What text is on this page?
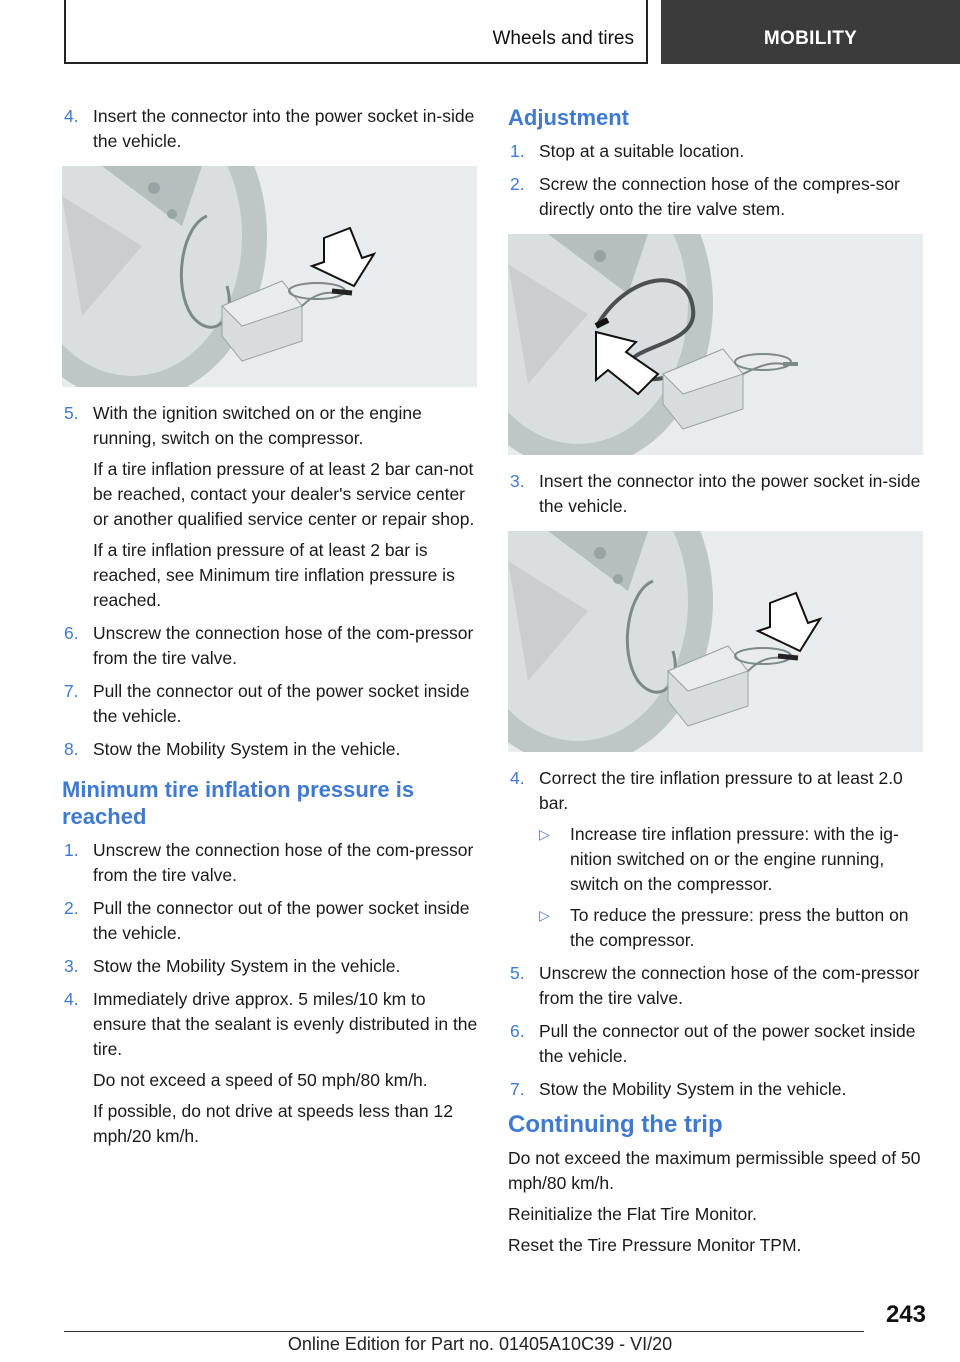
Wheels and tires	MOBILITY
4. Insert the connector into the power socket in‐side the vehicle.
5. With the ignition switched on or the engine running, switch on the compressor.
If a tire inflation pressure of at least 2 bar can‐not be reached, contact your dealer's service center or another qualified service center or repair shop.
If a tire inflation pressure of at least 2 bar is reached, see Minimum tire inflation pressure is reached.
6. Unscrew the connection hose of the com‐pressor from the tire valve.
7. Pull the connector out of the power socket inside the vehicle.
8. Stow the Mobility System in the vehicle.
Minimum tire inflation pressure is reached
1. Unscrew the connection hose of the com‐pressor from the tire valve.
2. Pull the connector out of the power socket inside the vehicle.
3. Stow the Mobility System in the vehicle.
4. Immediately drive approx. 5 miles/10 km to ensure that the sealant is evenly distributed in the tire.
Do not exceed a speed of 50 mph/80 km/h.
If possible, do not drive at speeds less than 12 mph/20 km/h.
Adjustment
1. Stop at a suitable location.
2. Screw the connection hose of the compres‐sor directly onto the tire valve stem.
3. Insert the connector into the power socket in‐side the vehicle.
4. Correct the tire inflation pressure to at least 2.0 bar.
▷ Increase tire inflation pressure: with the ig‐nition switched on or the engine running, switch on the compressor.
▷ To reduce the pressure: press the button on the compressor.
5. Unscrew the connection hose of the com‐pressor from the tire valve.
6. Pull the connector out of the power socket inside the vehicle.
7. Stow the Mobility System in the vehicle.
Continuing the trip
Do not exceed the maximum permissible speed of 50 mph/80 km/h.
Reinitialize the Flat Tire Monitor.
Reset the Tire Pressure Monitor TPM.
243
Online Edition for Part no. 01405A10C39 - VI/20
